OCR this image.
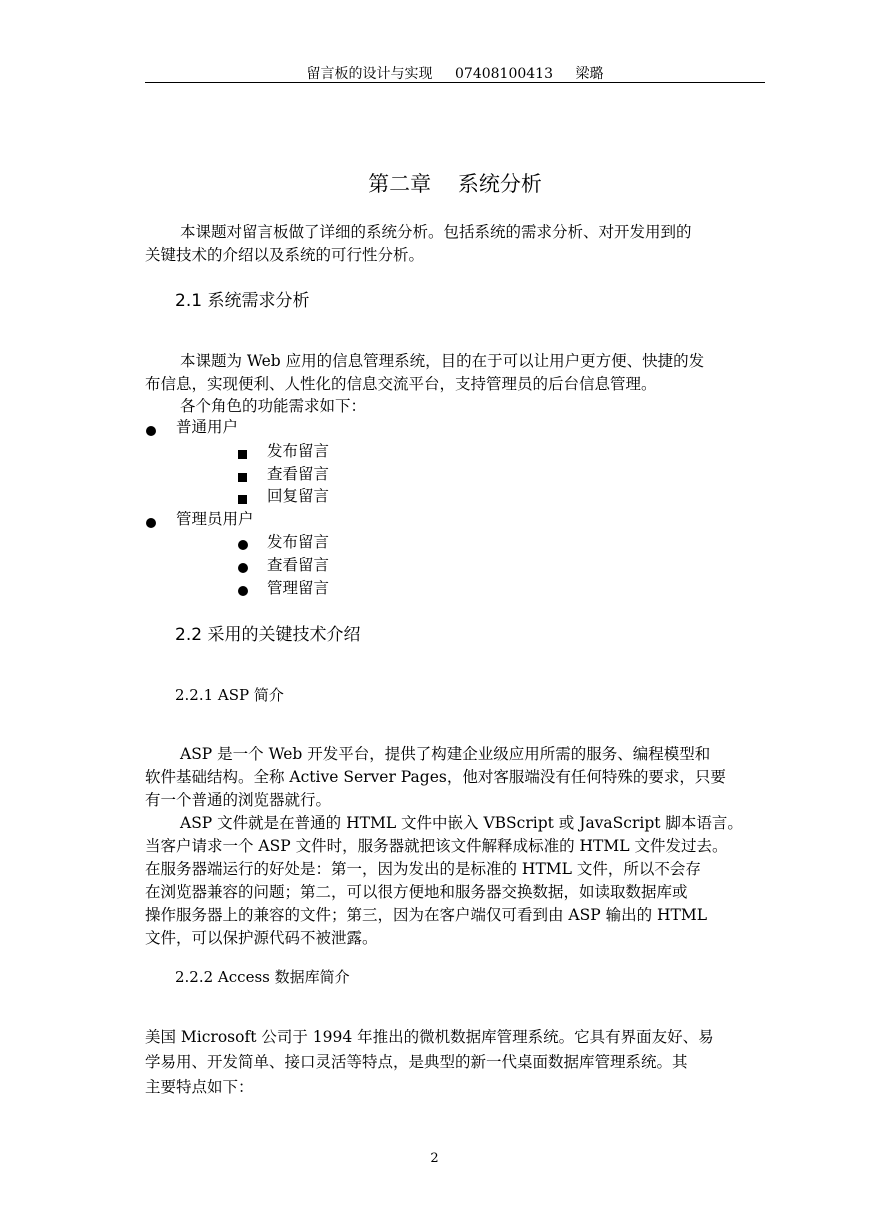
留言板的设计与实现 07408100413 梁璐
第二章 系统分析
本课题对留言板做了详细的系统分析。包括系统的需求分析、对开发用到的
关键技术的介绍以及系统的可行性分析。
2.1 系统需求分析
本课题为 Web 应用的信息管理系统，目的在于可以让用户更方便、快捷的发
布信息，实现便利、人性化的信息交流平台，支持管理员的后台信息管理。
各个角色的功能需求如下：
普通用户
发布留言
查看留言
回复留言
管理员用户
发布留言
查看留言
管理留言
2.2 采用的关键技术介绍
2.2.1 ASP 简介
ASP 是一个 Web 开发平台，提供了构建企业级应用所需的服务、编程模型和
软件基础结构。全称 Active Server Pages，他对客服端没有任何特殊的要求，只要
有一个普通的浏览器就行。
ASP 文件就是在普通的 HTML 文件中嵌入 VBScript 或 JavaScript 脚本语言。
当客户请求一个 ASP 文件时，服务器就把该文件解释成标准的 HTML 文件发过去。
在服务器端运行的好处是：第一，因为发出的是标准的 HTML 文件，所以不会存
在浏览器兼容的问题；第二，可以很方便地和服务器交换数据，如读取数据库或
操作服务器上的兼容的文件；第三，因为在客户端仅可看到由 ASP 输出的 HTML
文件，可以保护源代码不被泄露。
2.2.2 Access 数据库简介
美国 Microsoft 公司于 1994 年推出的微机数据库管理系统。它具有界面友好、易
学易用、开发简单、接口灵活等特点，是典型的新一代桌面数据库管理系统。其
主要特点如下：
2
